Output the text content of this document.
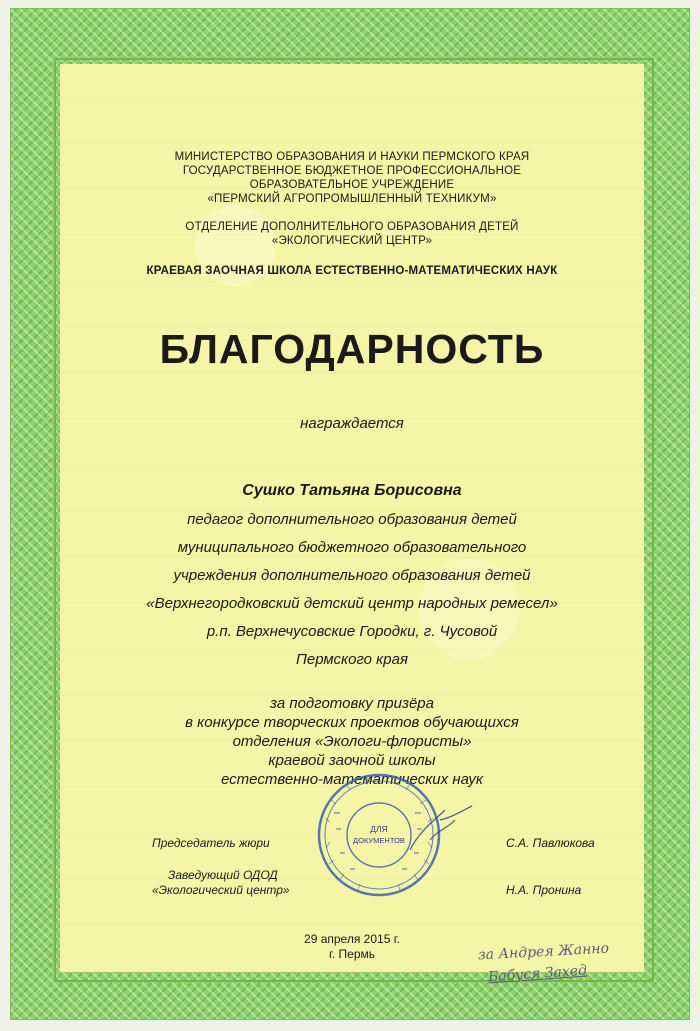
МИНИСТЕРСТВО ОБРАЗОВАНИЯ И НАУКИ ПЕРМСКОГО КРАЯ
ГОСУДАРСТВЕННОЕ БЮДЖЕТНОЕ ПРОФЕССИОНАЛЬНОЕ
ОБРАЗОВАТЕЛЬНОЕ УЧРЕЖДЕНИЕ
«ПЕРМСКИЙ АГРОПРОМЫШЛЕННЫЙ ТЕХНИКУМ»
ОТДЕЛЕНИЕ ДОПОЛНИТЕЛЬНОГО ОБРАЗОВАНИЯ ДЕТЕЙ
«ЭКОЛОГИЧЕСКИЙ ЦЕНТР»
КРАЕВАЯ ЗАОЧНАЯ ШКОЛА ЕСТЕСТВЕННО-МАТЕМАТИЧЕСКИХ НАУК
БЛАГОДАРНОСТЬ
награждается
Сушко Татьяна Борисовна
педагог дополнительного образования детей
муниципального бюджетного образовательного
учреждения дополнительного образования детей
«Верхнегородковский детский центр народных ремесел»
р.п. Верхнечусовские Городки, г. Чусовой
Пермского края
за подготовку призёра
в конкурсе творческих проектов обучающихся
отделения «Экологи-флористы»
краевой заочной школы
естественно-математических наук
ДЛЯ
ДОКУМЕНТОВ
Председатель жюри	С.А. Павлюкова
Заведующий ОДОД
«Экологический центр»	Н.А. Пронина
29 апреля 2015 г.
г. Пермь	за Андрея Жанно
Бабуся Захед
